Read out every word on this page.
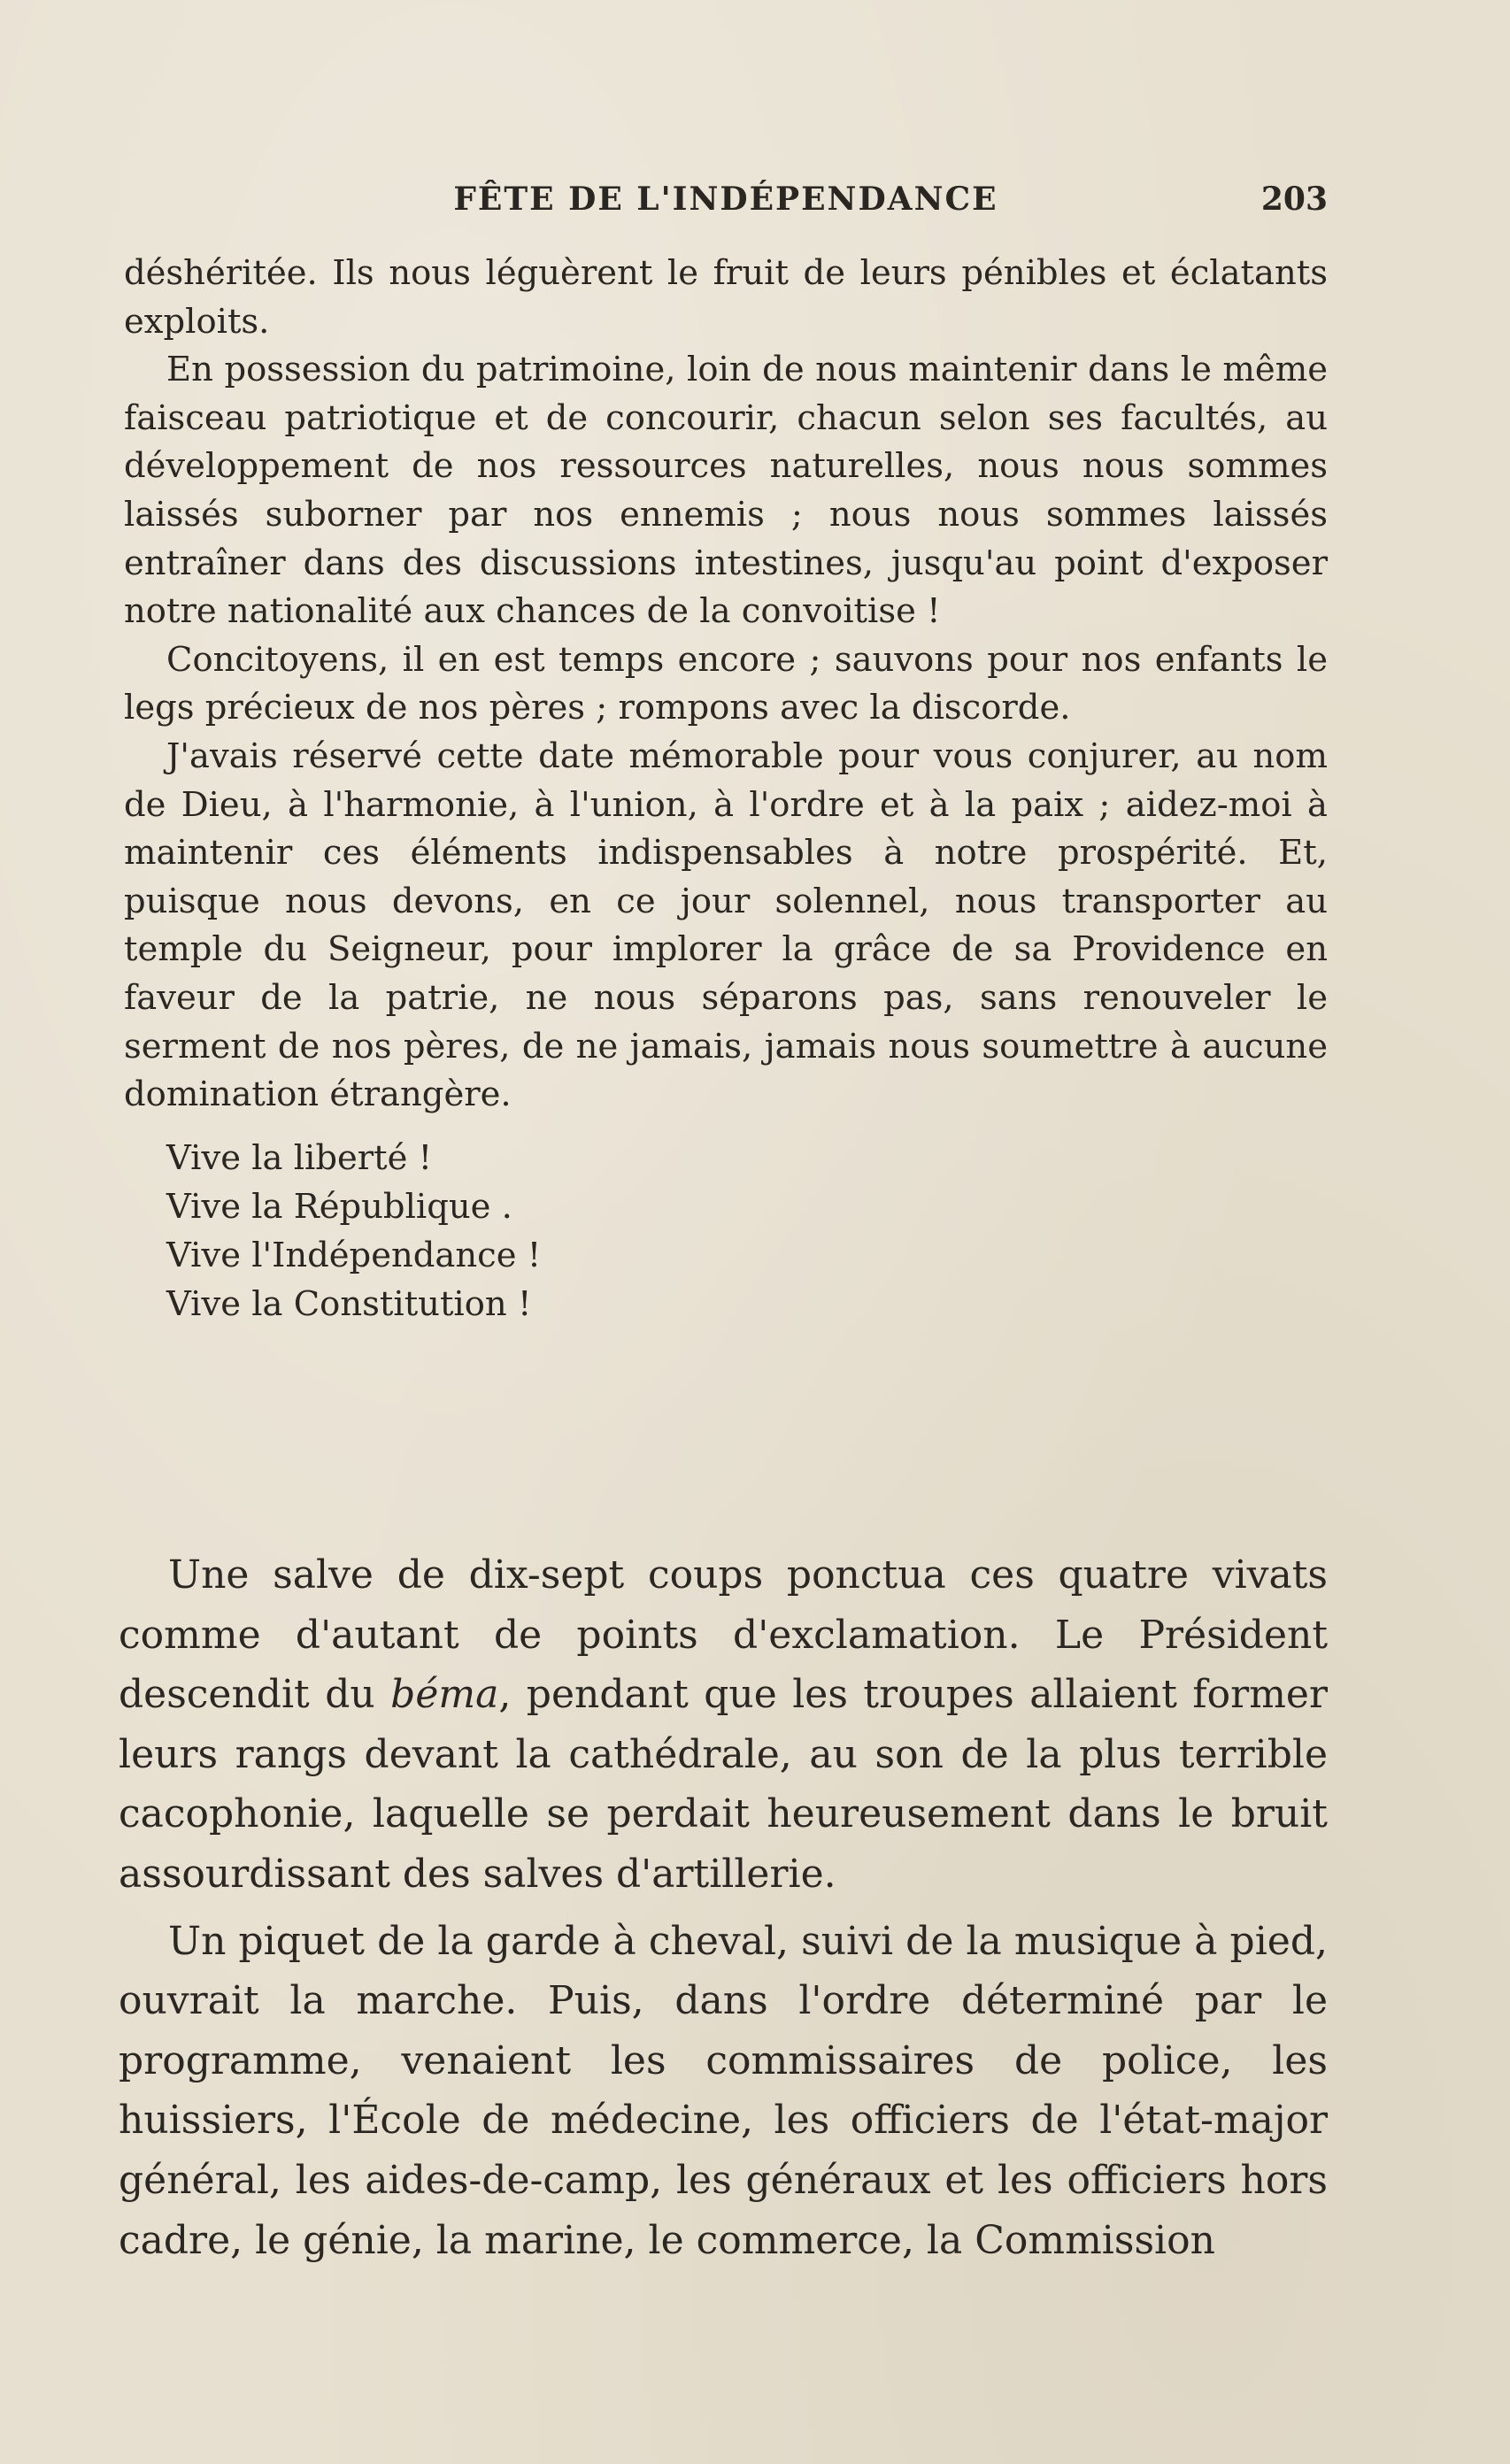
FÊTE DE L'INDÉPENDANCE	203

déshéritée. Ils nous léguèrent le fruit de leurs pénibles et éclatants exploits.

En possession du patrimoine, loin de nous maintenir dans le même faisceau patriotique et de concourir, chacun selon ses facultés, au développement de nos ressources naturelles, nous nous sommes laissés suborner par nos ennemis ; nous nous sommes laissés entraîner dans des discussions intestines, jusqu'au point d'exposer notre nationalité aux chances de la convoitise !

Concitoyens, il en est temps encore ; sauvons pour nos enfants le legs précieux de nos pères ; rompons avec la discorde.

J'avais réservé cette date mémorable pour vous conjurer, au nom de Dieu, à l'harmonie, à l'union, à l'ordre et à la paix ; aidez-moi à maintenir ces éléments indispensables à notre prospérité. Et, puisque nous devons, en ce jour solennel, nous transporter au temple du Seigneur, pour implorer la grâce de sa Providence en faveur de la patrie, ne nous séparons pas, sans renouveler le serment de nos pères, de ne jamais, jamais nous soumettre à aucune domination étrangère.

Vive la liberté !
Vive la République .
Vive l'Indépendance !
Vive la Constitution !

Une salve de dix-sept coups ponctua ces quatre vivats comme d'autant de points d'exclamation. Le Président descendit du béma, pendant que les troupes allaient former leurs rangs devant la cathédrale, au son de la plus terrible cacophonie, laquelle se perdait heureusement dans le bruit assourdissant des salves d'artillerie.

Un piquet de la garde à cheval, suivi de la musique à pied, ouvrait la marche. Puis, dans l'ordre déterminé par le programme, venaient les commissaires de police, les huissiers, l'École de médecine, les officiers de l'état-major général, les aides-de-camp, les généraux et les officiers hors cadre, le génie, la marine, le commerce, la Commission
